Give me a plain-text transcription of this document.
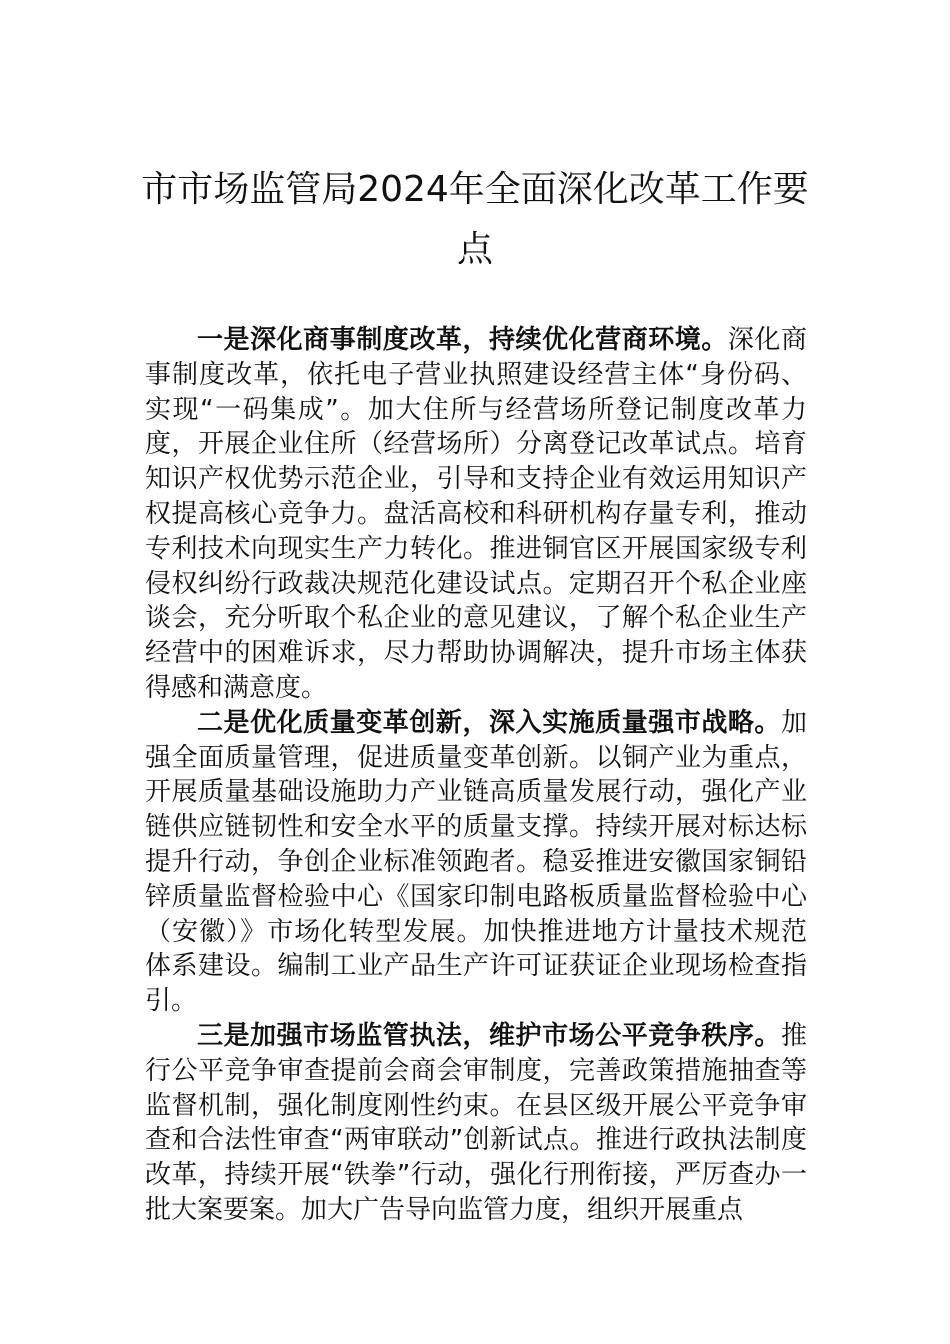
市市场监管局2024年全面深化改革工作要点

一是深化商事制度改革，持续优化营商环境。深化商事制度改革，依托电子营业执照建设经营主体“身份码、实现“一码集成”。加大住所与经营场所登记制度改革力度，开展企业住所（经营场所）分离登记改革试点。培育知识产权优势示范企业，引导和支持企业有效运用知识产权提高核心竞争力。盘活高校和科研机构存量专利，推动专利技术向现实生产力转化。推进铜官区开展国家级专利侵权纠纷行政裁决规范化建设试点。定期召开个私企业座谈会，充分听取个私企业的意见建议，了解个私企业生产经营中的困难诉求，尽力帮助协调解决，提升市场主体获得感和满意度。

二是优化质量变革创新，深入实施质量强市战略。加强全面质量管理，促进质量变革创新。以铜产业为重点，开展质量基础设施助力产业链高质量发展行动，强化产业链供应链韧性和安全水平的质量支撑。持续开展对标达标提升行动，争创企业标准领跑者。稳妥推进安徽国家铜铅锌质量监督检验中心《国家印制电路板质量监督检验中心（安徽）》市场化转型发展。加快推进地方计量技术规范体系建设。编制工业产品生产许可证获证企业现场检查指引。

三是加强市场监管执法，维护市场公平竞争秩序。推行公平竞争审查提前会商会审制度，完善政策措施抽查等监督机制，强化制度刚性约束。在县区级开展公平竞争审查和合法性审查“两审联动”创新试点。推进行政执法制度改革，持续开展“铁拳”行动，强化行刑衔接，严厉查办一批大案要案。加大广告导向监管力度，组织开展重点
